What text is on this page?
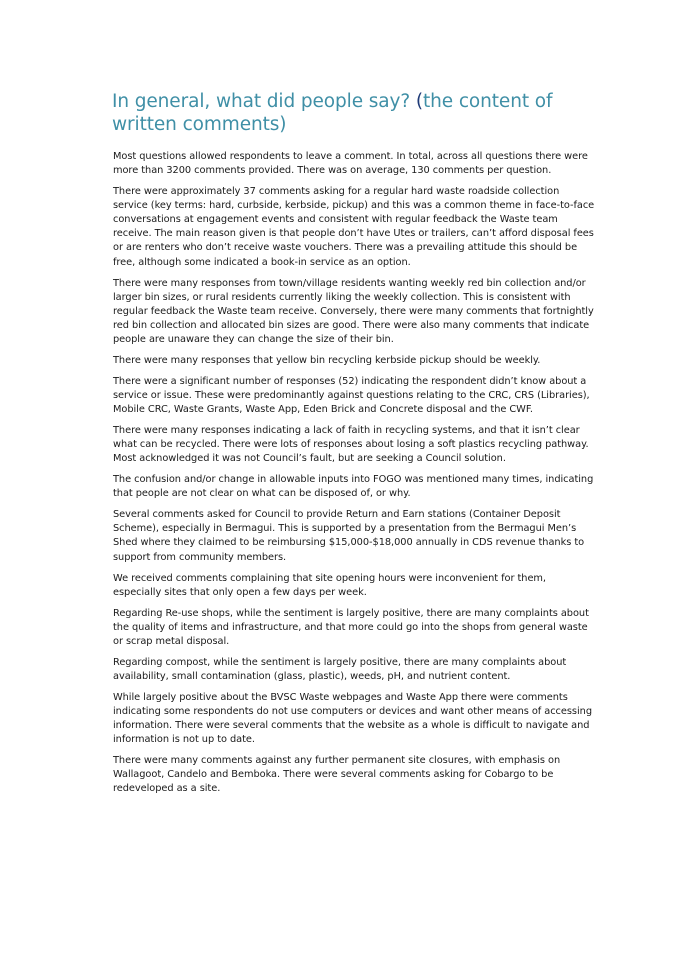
In general, what did people say? (the content of
written comments)

Most questions allowed respondents to leave a comment. In total, across all questions there were more than 3200 comments provided. There was on average, 130 comments per question.

There were approximately 37 comments asking for a regular hard waste roadside collection service (key terms: hard, curbside, kerbside, pickup) and this was a common theme in face-to-face conversations at engagement events and consistent with regular feedback the Waste team receive. The main reason given is that people don’t have Utes or trailers, can’t afford disposal fees or are renters who don’t receive waste vouchers. There was a prevailing attitude this should be free, although some indicated a book-in service as an option.

There were many responses from town/village residents wanting weekly red bin collection and/or larger bin sizes, or rural residents currently liking the weekly collection. This is consistent with regular feedback the Waste team receive. Conversely, there were many comments that fortnightly red bin collection and allocated bin sizes are good. There were also many comments that indicate people are unaware they can change the size of their bin.

There were many responses that yellow bin recycling kerbside pickup should be weekly.

There were a significant number of responses (52) indicating the respondent didn’t know about a service or issue. These were predominantly against questions relating to the CRC, CRS (Libraries), Mobile CRC, Waste Grants, Waste App, Eden Brick and Concrete disposal and the CWF.

There were many responses indicating a lack of faith in recycling systems, and that it isn’t clear what can be recycled. There were lots of responses about losing a soft plastics recycling pathway. Most acknowledged it was not Council’s fault, but are seeking a Council solution.

The confusion and/or change in allowable inputs into FOGO was mentioned many times, indicating that people are not clear on what can be disposed of, or why.

Several comments asked for Council to provide Return and Earn stations (Container Deposit Scheme), especially in Bermagui. This is supported by a presentation from the Bermagui Men’s Shed where they claimed to be reimbursing $15,000-$18,000 annually in CDS revenue thanks to support from community members.

We received comments complaining that site opening hours were inconvenient for them, especially sites that only open a few days per week.

Regarding Re-use shops, while the sentiment is largely positive, there are many complaints about the quality of items and infrastructure, and that more could go into the shops from general waste or scrap metal disposal.

Regarding compost, while the sentiment is largely positive, there are many complaints about availability, small contamination (glass, plastic), weeds, pH, and nutrient content.

While largely positive about the BVSC Waste webpages and Waste App there were comments indicating some respondents do not use computers or devices and want other means of accessing information. There were several comments that the website as a whole is difficult to navigate and information is not up to date.

There were many comments against any further permanent site closures, with emphasis on Wallagoot, Candelo and Bemboka. There were several comments asking for Cobargo to be redeveloped as a site.
